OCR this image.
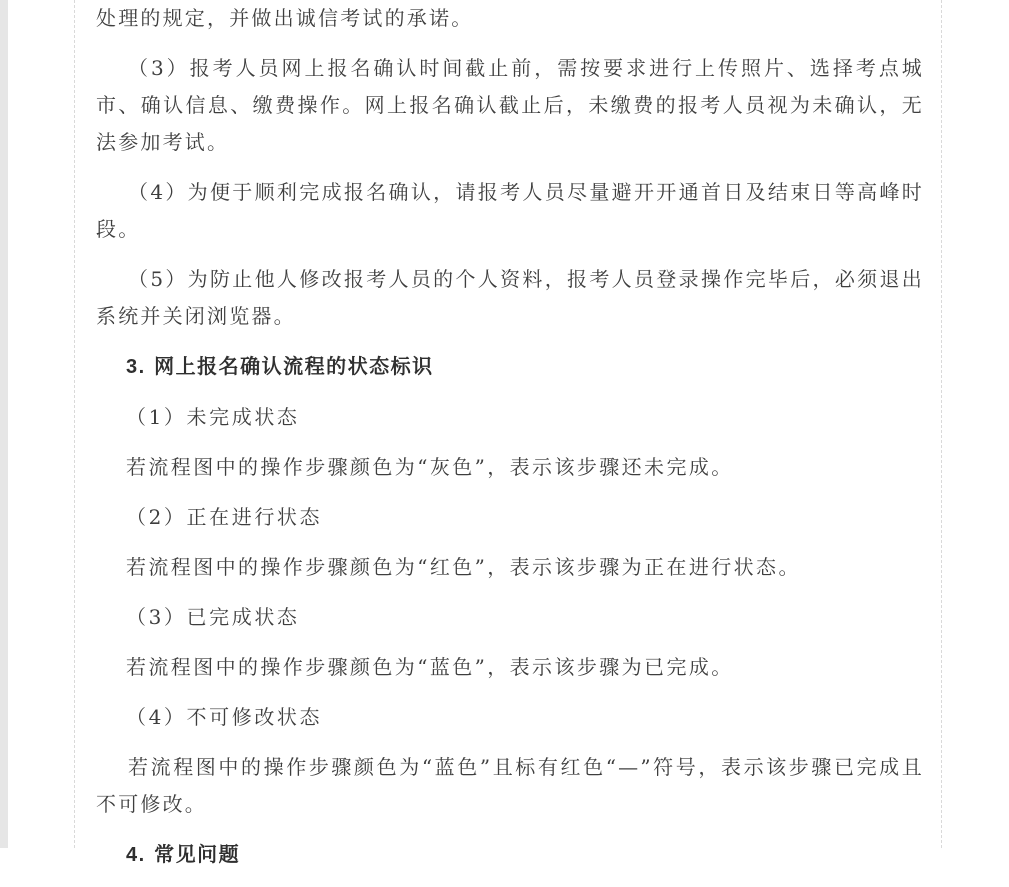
处理的规定，并做出诚信考试的承诺。

（3）报考人员网上报名确认时间截止前，需按要求进行上传照片、选择考点城市、确认信息、缴费操作。网上报名确认截止后，未缴费的报考人员视为未确认，无法参加考试。

（4）为便于顺利完成报名确认，请报考人员尽量避开开通首日及结束日等高峰时段。

（5）为防止他人修改报考人员的个人资料，报考人员登录操作完毕后，必须退出系统并关闭浏览器。

3. 网上报名确认流程的状态标识

（1）未完成状态

若流程图中的操作步骤颜色为“灰色”，表示该步骤还未完成。

（2）正在进行状态

若流程图中的操作步骤颜色为“红色”，表示该步骤为正在进行状态。

（3）已完成状态

若流程图中的操作步骤颜色为“蓝色”，表示该步骤为已完成。

（4）不可修改状态

若流程图中的操作步骤颜色为“蓝色”且标有红色“—”符号，表示该步骤已完成且不可修改。

4. 常见问题
